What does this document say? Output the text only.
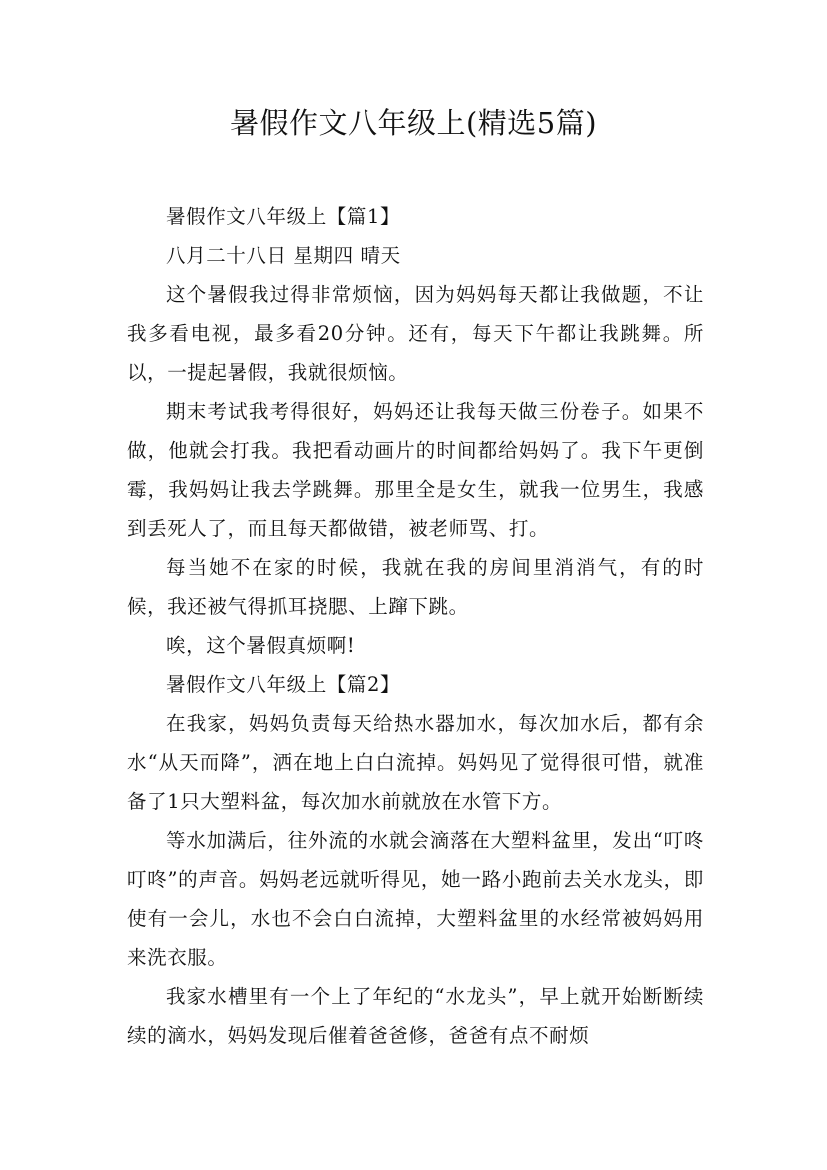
暑假作文八年级上(精选5篇)

暑假作文八年级上【篇1】

八月二十八日 星期四 晴天

这个暑假我过得非常烦恼，因为妈妈每天都让我做题，不让我多看电视，最多看20分钟。还有，每天下午都让我跳舞。所以，一提起暑假，我就很烦恼。

期末考试我考得很好，妈妈还让我每天做三份卷子。如果不做，他就会打我。我把看动画片的时间都给妈妈了。我下午更倒霉，我妈妈让我去学跳舞。那里全是女生，就我一位男生，我感到丢死人了，而且每天都做错，被老师骂、打。

每当她不在家的时候，我就在我的房间里消消气，有的时候，我还被气得抓耳挠腮、上蹿下跳。

唉，这个暑假真烦啊!

暑假作文八年级上【篇2】

在我家，妈妈负责每天给热水器加水，每次加水后，都有余水“从天而降”，洒在地上白白流掉。妈妈见了觉得很可惜，就准备了1只大塑料盆，每次加水前就放在水管下方。

等水加满后，往外流的水就会滴落在大塑料盆里，发出“叮咚叮咚”的声音。妈妈老远就听得见，她一路小跑前去关水龙头，即使有一会儿，水也不会白白流掉，大塑料盆里的水经常被妈妈用来洗衣服。

我家水槽里有一个上了年纪的“水龙头”，早上就开始断断续续的滴水，妈妈发现后催着爸爸修，爸爸有点不耐烦
